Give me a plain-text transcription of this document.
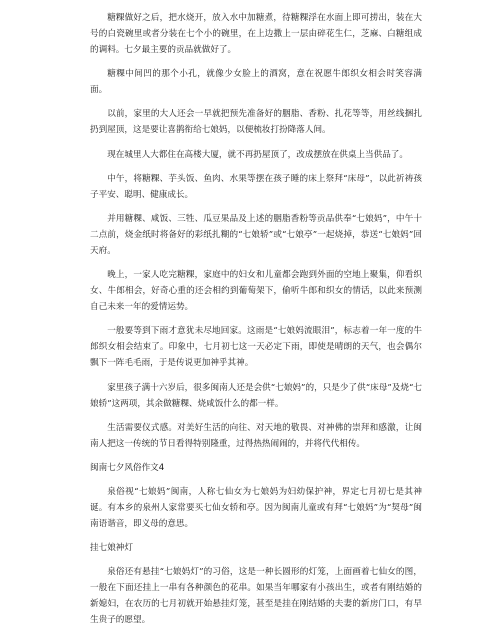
糖粿做好之后，把水烧开，放入水中加糖煮，待糖粿浮在水面上即可捞出，装在大号的白瓷碗里或者分装在七个小的碗里，在上边撒上一层由碎花生仁，芝麻、白糖组成的调料。七夕最主要的贡品就做好了。

糖粿中间凹的那个小孔，就像少女脸上的酒窝，意在祝愿牛郎织女相会时笑容满面。

以前，家里的大人还会一早就把预先准备好的胭脂、香粉、扎花等等，用丝线捆扎扔到屋顶，这是要让喜鹊衔给七娘妈，以便梳妆打扮降落人间。

现在城里人大都住在高楼大厦，就不再扔屋顶了，改成摆放在供桌上当供品了。

中午，将糖粿、芋头饭、鱼肉、水果等摆在孩子睡的床上祭拜“床母”，以此祈祷孩子平安、聪明、健康成长。

并用糖粿、咸饭、三牲、瓜豆果品及上述的胭脂香粉等贡品供奉“七娘妈”，中午十二点前，烧金纸时将备好的彩纸扎糊的“七娘轿”或“七娘亭”一起烧掉，恭送“七娘妈”回天府。

晚上，一家人吃完糖粿，家庭中的妇女和儿童都会跑到外面的空地上聚集，仰看织女、牛郎相会，好奇心重的还会相约到葡萄架下，偷听牛郎和织女的情话，以此来预测自己未来一年的爱情运势。

一般要等到下雨才意犹未尽地回家。这雨是“七娘妈流眼泪”，标志着一年一度的牛郎织女相会结束了。印象中，七月初七这一天必定下雨，即使是晴朗的天气，也会偶尔飘下一阵毛毛雨，于是传说更加神乎其神。

家里孩子满十六岁后，很多闽南人还是会供“七娘妈”的，只是少了供“床母”及烧“七娘轿”这两项，其余做糖粿、烧咸饭什么的都一样。

生活需要仪式感。对美好生活的向往、对天地的敬畏、对神佛的崇拜和感激，让闽南人把这一传统的节日看得特别隆重，过得热热闹闹的，并将代代相传。

闽南七夕风俗作文4

泉俗视“七娘妈”闽南，人称七仙女为七娘妈为妇幼保护神，界定七月初七是其神诞。有本乡的泉州人家常要买七仙女轿和亭。因为闽南儿童或有拜“七娘妈”为“契母”闽南语谐音，即义母的意思。

挂七娘神灯

泉俗还有悬挂“七娘妈灯”的习俗，这是一种长圆形的灯笼，上面画着七仙女的图，一般在下面还挂上一串有各种颜色的花串。如果当年哪家有小孩出生，或者有刚结婚的新媳妇，在农历的七月初就开始悬挂灯笼，甚至是挂在刚结婚的夫妻的新房门口，有早生贵子的愿望。
